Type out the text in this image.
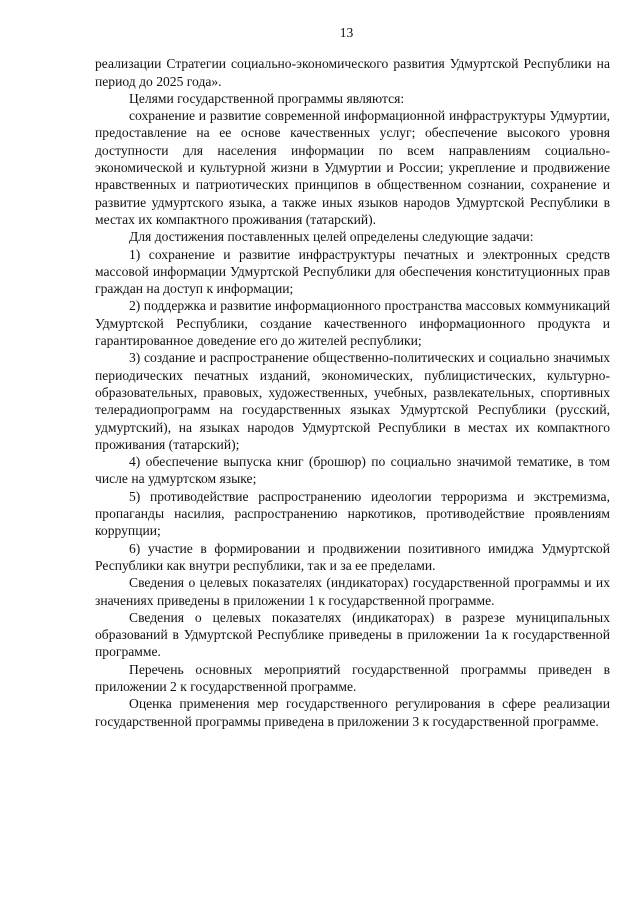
13

реализации Стратегии социально-экономического развития Удмуртской Республики на период до 2025 года».

Целями государственной программы являются:

сохранение и развитие современной информационной инфраструктуры Удмуртии, предоставление на ее основе качественных услуг; обеспечение высокого уровня доступности для населения информации по всем направлениям социально-экономической и культурной жизни в Удмуртии и России; укрепление и продвижение нравственных и патриотических принципов в общественном сознании, сохранение и развитие удмуртского языка, а также иных языков народов Удмуртской Республики в местах их компактного проживания (татарский).

Для достижения поставленных целей определены следующие задачи:

1) сохранение и развитие инфраструктуры печатных и электронных средств массовой информации Удмуртской Республики для обеспечения конституционных прав граждан на доступ к информации;

2) поддержка и развитие информационного пространства массовых коммуникаций Удмуртской Республики, создание качественного информационного продукта и гарантированное доведение его до жителей республики;

3) создание и распространение общественно-политических и социально значимых периодических печатных изданий, экономических, публицистических, культурно-образовательных, правовых, художественных, учебных, развлекательных, спортивных телерадиопрограмм на государственных языках Удмуртской Республики (русский, удмуртский), на языках народов Удмуртской Республики в местах их компактного проживания (татарский);

4) обеспечение выпуска книг (брошюр) по социально значимой тематике, в том числе на удмуртском языке;

5) противодействие распространению идеологии терроризма и экстремизма, пропаганды насилия, распространению наркотиков, противодействие проявлениям коррупции;

6) участие в формировании и продвижении позитивного имиджа Удмуртской Республики как внутри республики, так и за ее пределами.

Сведения о целевых показателях (индикаторах) государственной программы и их значениях приведены в приложении 1 к государственной программе.

Сведения о целевых показателях (индикаторах) в разрезе муниципальных образований в Удмуртской Республике приведены в приложении 1а к государственной программе.

Перечень основных мероприятий государственной программы приведен в приложении 2 к государственной программе.

Оценка применения мер государственного регулирования в сфере реализации государственной программы приведена в приложении 3 к государственной программе.
